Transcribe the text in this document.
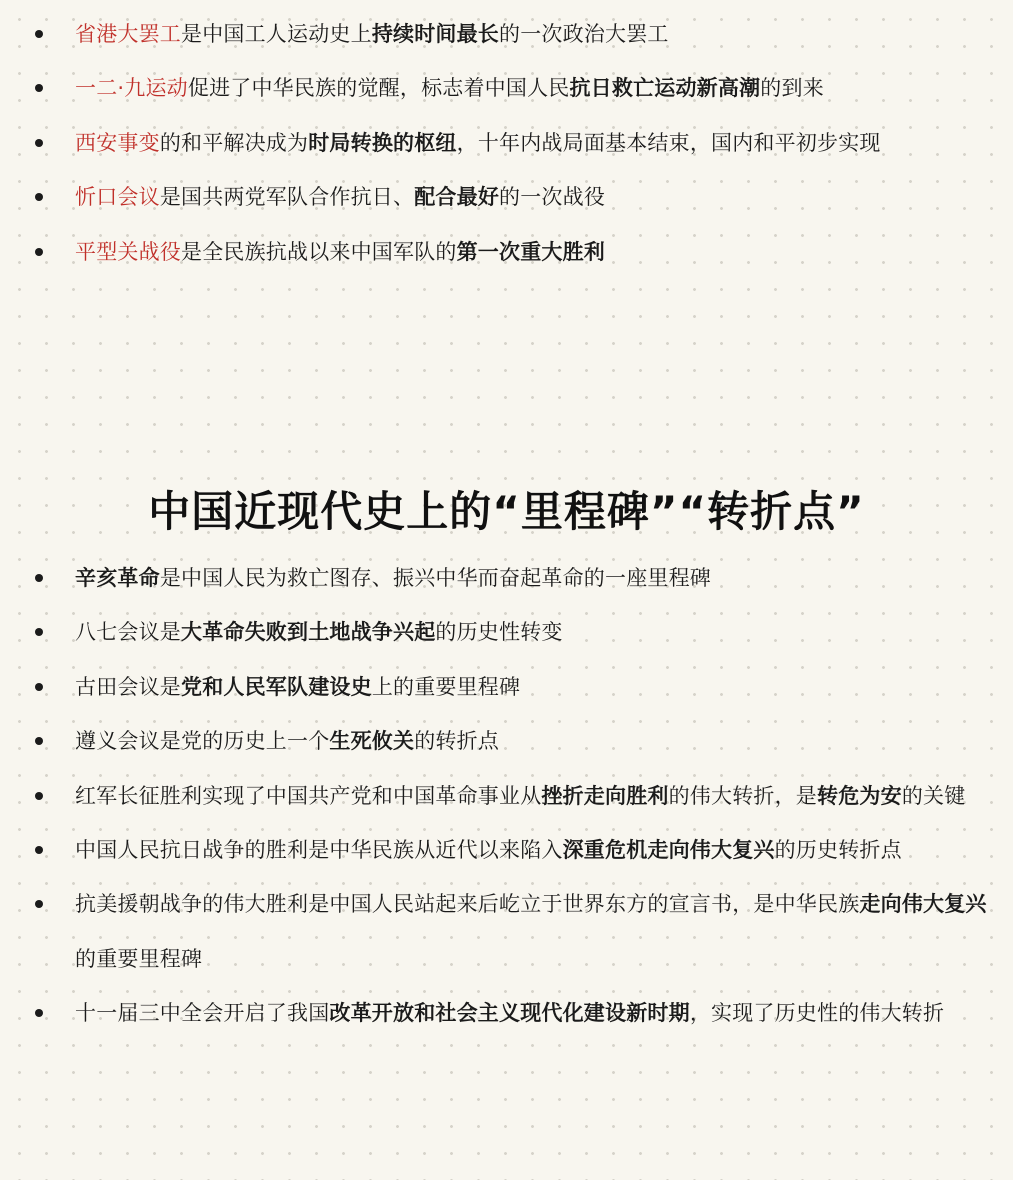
省港大罢工是中国工人运动史上持续时间最长的一次政治大罢工
一二·九运动促进了中华民族的觉醒，标志着中国人民抗日救亡运动新高潮的到来
西安事变的和平解决成为时局转换的枢纽，十年内战局面基本结束，国内和平初步实现
忻口会议是国共两党军队合作抗日、配合最好的一次战役
平型关战役是全民族抗战以来中国军队的第一次重大胜利
中国近现代史上的“里程碑”“转折点”
辛亥革命是中国人民为救亡图存、振兴中华而奋起革命的一座里程碑
八七会议是大革命失败到土地战争兴起的历史性转变
古田会议是党和人民军队建设史上的重要里程碑
遵义会议是党的历史上一个生死攸关的转折点
红军长征胜利实现了中国共产党和中国革命事业从挫折走向胜利的伟大转折，是转危为安的关键
中国人民抗日战争的胜利是中华民族从近代以来陷入深重危机走向伟大复兴的历史转折点
抗美援朝战争的伟大胜利是中国人民站起来后屹立于世界东方的宣言书，是中华民族走向伟大复兴的重要里程碑
十一届三中全会开启了我国改革开放和社会主义现代化建设新时期，实现了历史性的伟大转折
